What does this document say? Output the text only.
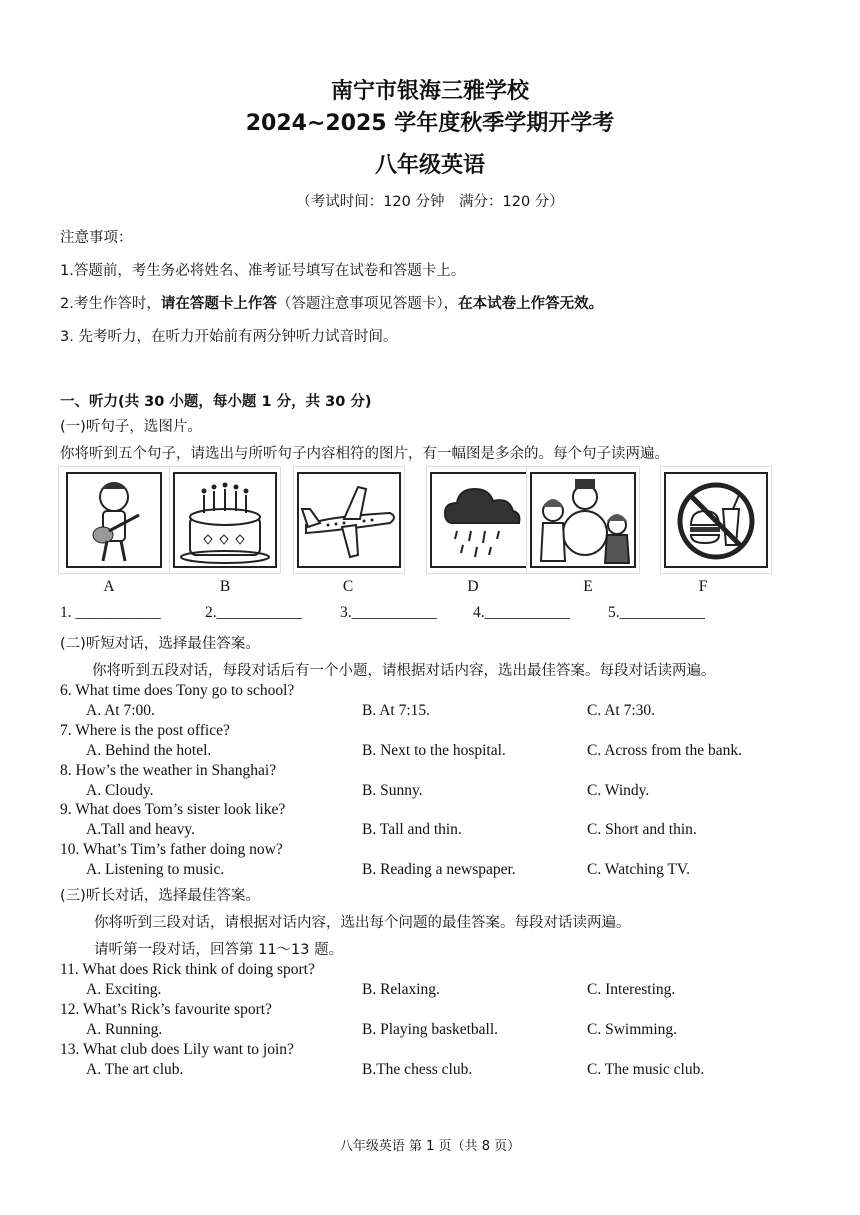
南宁市银海三雅学校
2024~2025 学年度秋季学期开学考
八年级英语
（考试时间：120 分钟　满分：120 分）
注意事项：
1.答题前，考生务必将姓名、准考证号填写在试卷和答题卡上。
2.考生作答时，请在答题卡上作答（答题注意事项见答题卡），在本试卷上作答无效。
3. 先考听力，在听力开始前有两分钟听力试音时间。
一、听力(共 30 小题，每小题 1 分，共 30 分)
(一)听句子，选图片。
你将听到五个句子，请选出与所听句子内容相符的图片，有一幅图是多余的。每个句子读两遍。
A	B	C	D	E	F
1. ___________	2.___________ 3.___________ 4.___________ 5.___________
(二)听短对话，选择最佳答案。
你将听到五段对话，每段对话后有一个小题，请根据对话内容，选出最佳答案。每段对话读两遍。
6. What time does Tony go to school?
A. At 7:00.	B. At 7:15.	C. At 7:30.
7. Where is the post office?
A. Behind the hotel.	B. Next to the hospital.	C. Across from the bank.
8. How’s the weather in Shanghai?
A. Cloudy.	B. Sunny.	C. Windy.
9. What does Tom’s sister look like?
A.Tall and heavy.	B. Tall and thin.	C. Short and thin.
10. What’s Tim’s father doing now?
A. Listening to music.	B. Reading a newspaper.	C. Watching TV.
(三)听长对话，选择最佳答案。
你将听到三段对话，请根据对话内容，选出每个问题的最佳答案。每段对话读两遍。
请听第一段对话，回答第 11～13 题。
11. What does Rick think of doing sport?
A. Exciting.	B. Relaxing.	C. Interesting.
12. What’s Rick’s favourite sport?
A. Running.	B. Playing basketball.	C. Swimming.
13. What club does Lily want to join?
A. The art club.	B.The chess club.	C. The music club.
八年级英语 第 1 页（共 8 页）
